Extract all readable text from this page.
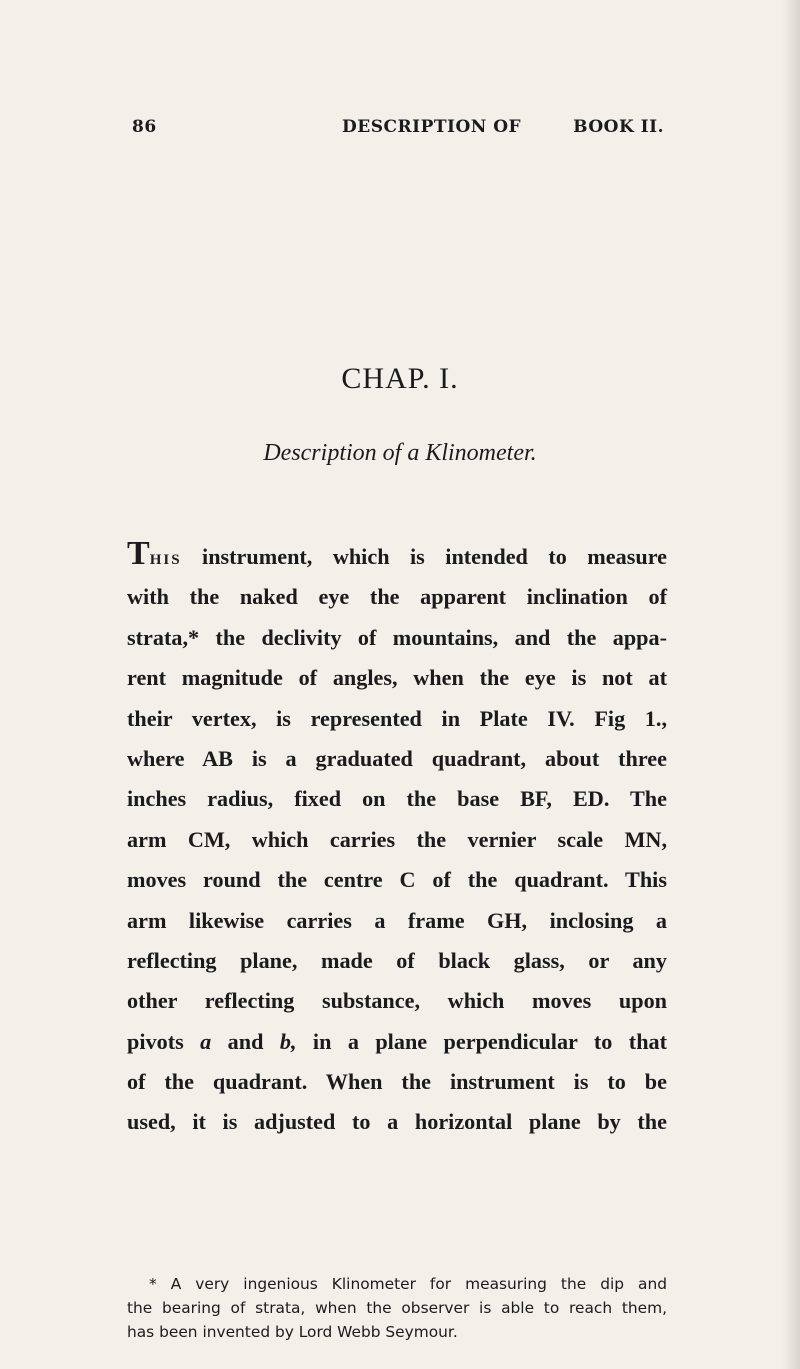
86	DESCRIPTION OF	BOOK II.
CHAP. I.
Description of a Klinometer.
THIS instrument, which is intended to measure
with the naked eye the apparent inclination of
strata,* the declivity of mountains, and the appa-
rent magnitude of angles, when the eye is not at
their vertex, is represented in Plate IV. Fig 1.,
where AB is a graduated quadrant, about three
inches radius, fixed on the base BF, ED. The
arm CM, which carries the vernier scale MN,
moves round the centre C of the quadrant. This
arm likewise carries a frame GH, inclosing a
reflecting plane, made of black glass, or any
other reflecting substance, which moves upon
pivots a and b, in a plane perpendicular to that
of the quadrant. When the instrument is to be
used, it is adjusted to a horizontal plane by the
* A very ingenious Klinometer for measuring the dip and
the bearing of strata, when the observer is able to reach them,
has been invented by Lord Webb Seymour.
